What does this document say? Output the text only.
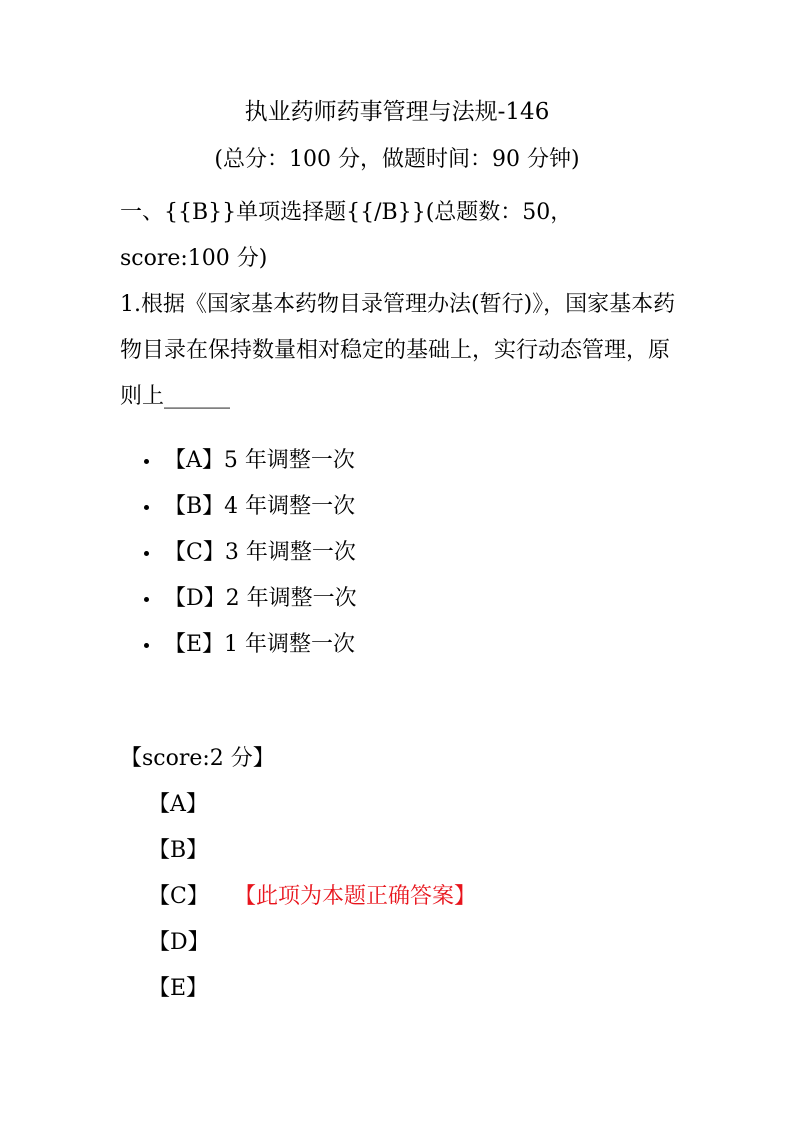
执业药师药事管理与法规-146
(总分：100 分，做题时间：90 分钟)
一、{{B}}单项选择题{{/B}}(总题数：50，score:100 分)
1.根据《国家基本药物目录管理办法(暂行)》，国家基本药物目录在保持数量相对稳定的基础上，实行动态管理，原则上______
【A】5 年调整一次
【B】4 年调整一次
【C】3 年调整一次
【D】2 年调整一次
【E】1 年调整一次
【score:2 分】
【A】
【B】
【C】 【此项为本题正确答案】
【D】
【E】
